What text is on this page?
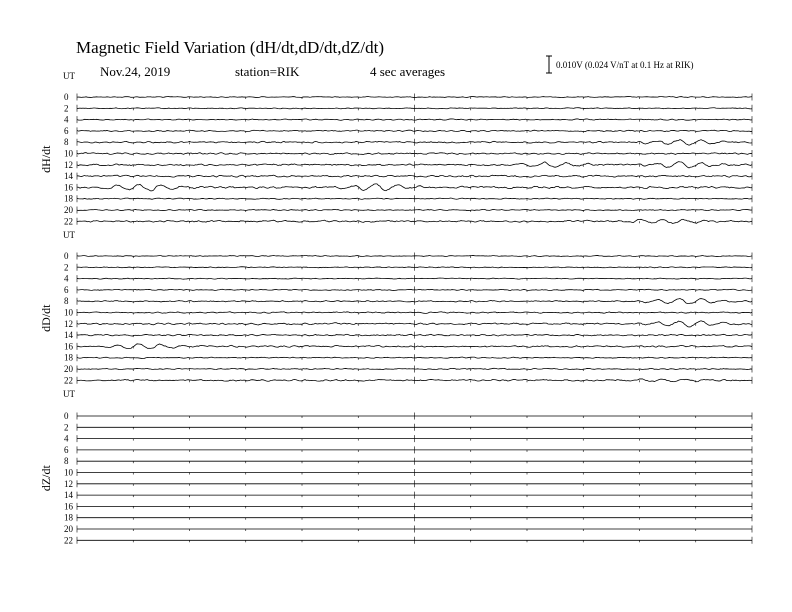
Magnetic Field Variation (dH/dt,dD/dt,dZ/dt)
Nov.24, 2019	station=RIK	4 sec averages	0.010V (0.024 V/nT at 0.1 Hz at RIK)
UT
dH/dt
0
2
4
6
8
10
12
14
16
18
20
22
UT
dD/dt
0
2
4
6
8
10
12
14
16
18
20
22
UT
dZ/dt
0
2
4
6
8
10
12
14
16
18
20
22
